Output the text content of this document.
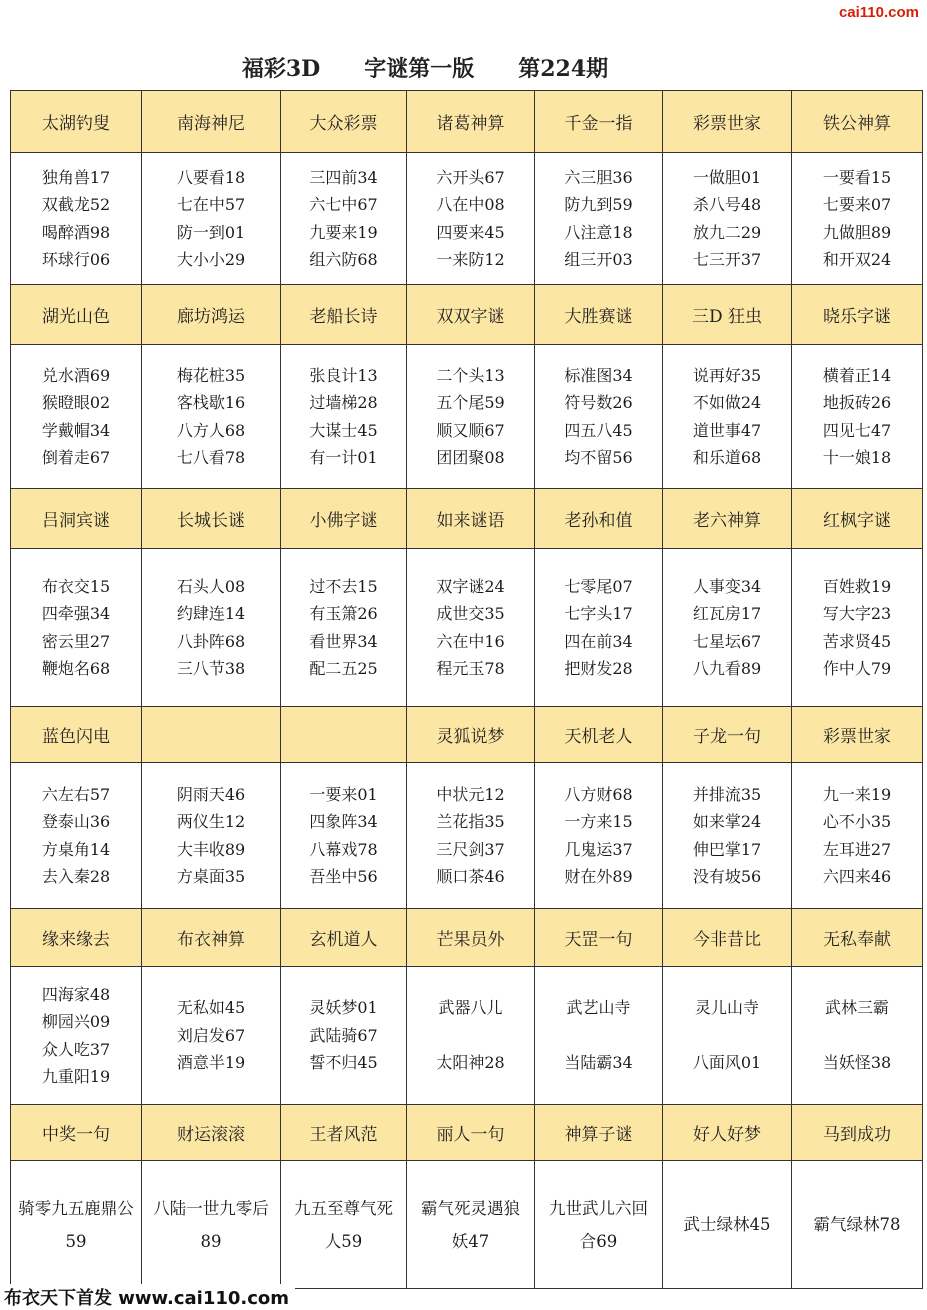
cai110.com
福彩3D　　字谜第一版　　第224期
太湖钓叟	南海神尼	大众彩票	诸葛神算	千金一指	彩票世家	铁公神算

独角兽17
双截龙52
喝醉酒98
环球行06	八要看18
七在中57
防一到01
大小小29	三四前34
六七中67
九要来19
组六防68	六开头67
八在中08
四要来45
一来防12	六三胆36
防九到59
八注意18
组三开03	一做胆01
杀八号48
放九二29
七三开37	一要看15
七要来07
九做胆89
和开双24

湖光山色	廊坊鸿运	老船长诗	双双字谜	大胜赛谜	三D 狂虫	晓乐字谜

兑水酒69
猴瞪眼02
学戴帽34
倒着走67	梅花桩35
客栈歇16
八方人68
七八看78	张良计13
过墙梯28
大谋士45
有一计01	二个头13
五个尾59
顺又顺67
团团聚08	标准图34
符号数26
四五八45
均不留56	说再好35
不如做24
道世事47
和乐道68	横着正14
地扳砖26
四见七47
十一娘18

吕洞宾谜	长城长谜	小佛字谜	如来谜语	老孙和值	老六神算	红枫字谜

布衣交15
四牵强34
密云里27
鞭炮名68	石头人08
约肆连14
八卦阵68
三八节38	过不去15
有玉箫26
看世界34
配二五25	双字谜24
成世交35
六在中16
程元玉78	七零尾07
七字头17
四在前34
把财发28	人事变34
红瓦房17
七星坛67
八九看89	百姓救19
写大字23
苦求贤45
作中人79

蓝色闪电			灵狐说梦	天机老人	子龙一句	彩票世家

六左右57
登泰山36
方桌角14
去入秦28	阴雨天46
两仪生12
大丰收89
方桌面35	一要来01
四象阵34
八幕戏78
吾坐中56	中状元12
兰花指35
三尺剑37
顺口茶46	八方财68
一方来15
几鬼运37
财在外89	并排流35
如来掌24
伸巴掌17
没有坡56	九一来19
心不小35
左耳进27
六四来46

缘来缘去	布衣神算	玄机道人	芒果员外	天罡一句	今非昔比	无私奉献

四海家48
柳园兴09
众人吃37
九重阳19	无私如45
刘启发67
酒意半19	灵妖梦01
武陆骑67
誓不归45	武器八儿

太阳神28	武艺山寺

当陆霸34	灵儿山寺

八面风01	武林三霸

当妖怪38

中奖一句	财运滚滚	王者风范	丽人一句	神算子谜	好人好梦	马到成功

骑零九五鹿鼎公59	八陆一世九零后89	九五至尊气死人59	霸气死灵遇狼妖47	九世武儿六回合69	武士绿林45	霸气绿林78
布衣天下首发 www.cai110.com
